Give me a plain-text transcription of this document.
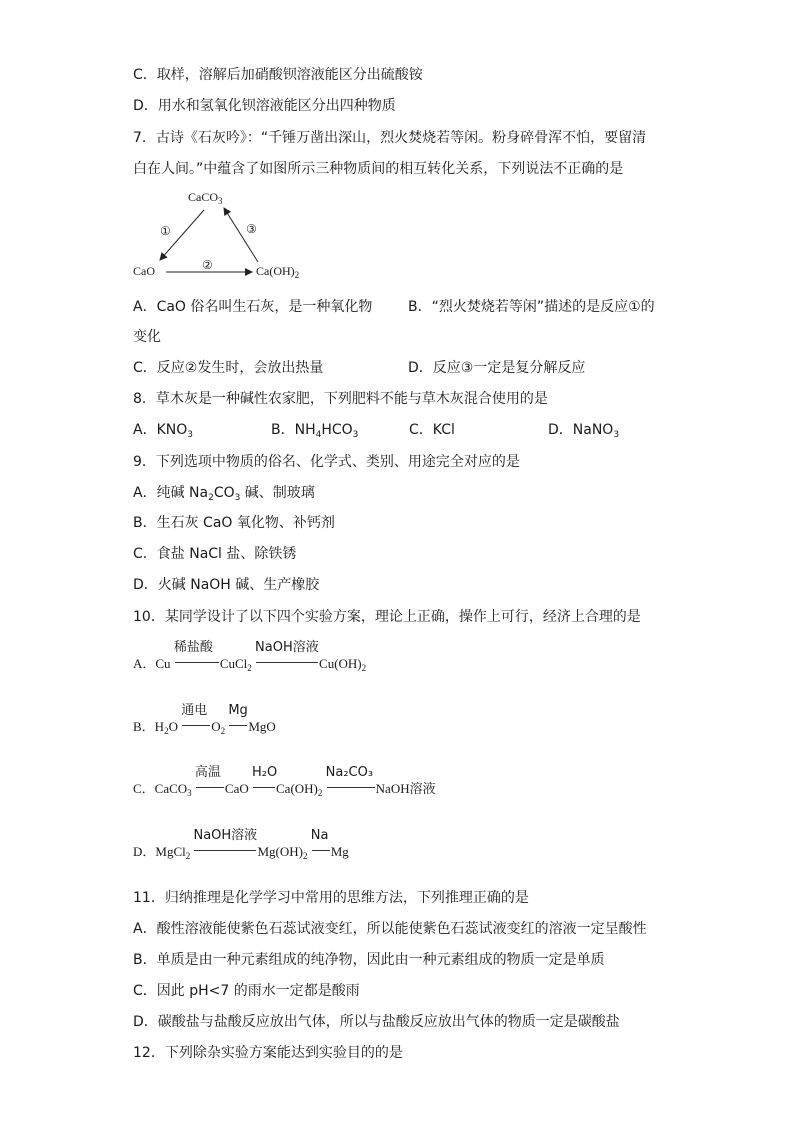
C．取样，溶解后加硝酸钡溶液能区分出硫酸铵
D．用水和氢氧化钡溶液能区分出四种物质
7．古诗《石灰吟》：“千锤万凿出深山，烈火焚烧若等闲。粉身碎骨浑不怕，要留清
白在人间。”中蕴含了如图所示三种物质间的相互转化关系，下列说法不正确的是
CaCO$_3$
CaO	$Ca(OH)_2$
①
②
③
A．CaO 俗名叫生石灰，是一种氧化物	B．“烈火焚烧若等闲”描述的是反应①的
变化
C．反应②发生时，会放出热量	D．反应③一定是复分解反应
8．草木灰是一种碱性农家肥，下列肥料不能与草木灰混合使用的是
A．$KNO_3$	B．$NH_4HCO_3$	C．KCl	D．NaNO$_3$
9．下列选项中物质的俗名、化学式、类别、用途完全对应的是
A．纯碱 $Na_2CO_3$ 碱、制玻璃
B．生石灰 CaO 氧化物、补钙剂
C．食盐 NaCl 盐、除铁锈
D．火碱 NaOH 碱、生产橡胶
10．某同学设计了以下四个实验方案，理论上正确，操作上可行，经济上合理的是
A．Cu
稀盐酸
CuCl$_2$
NaOH溶液
$Cu(OH)_2$
B．$H_2O$
通电
$O_2$
Mg
MgO
C．CaCO$_3$
高温
CaO
H₂O
$Ca(OH)_2$
Na₂CO₃
NaOH溶液
D．MgCl$_2$
NaOH溶液
$Mg(OH)_2$
Na
Mg
11．归纳推理是化学学习中常用的思维方法，下列推理正确的是
A．酸性溶液能使紫色石蕊试液变红，所以能使紫色石蕊试液变红的溶液一定呈酸性
B．单质是由一种元素组成的纯净物，因此由一种元素组成的物质一定是单质
C．因此 pH<7 的雨水一定都是酸雨
D．碳酸盐与盐酸反应放出气体，所以与盐酸反应放出气体的物质一定是碳酸盐
12．下列除杂实验方案能达到实验目的的是
